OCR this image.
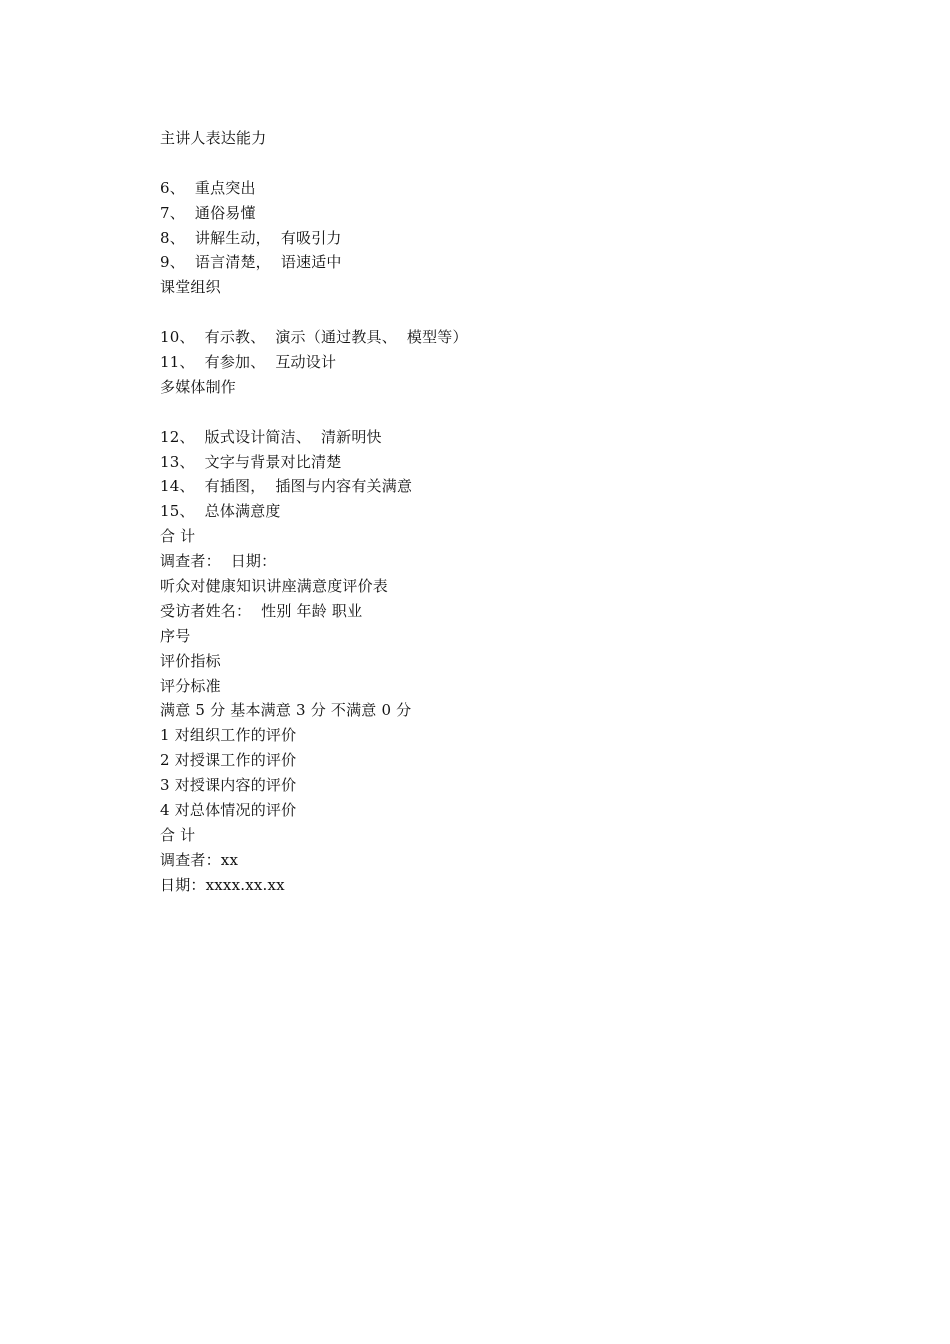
主讲人表达能力
6、  重点突出
7、  通俗易懂
8、  讲解生动，  有吸引力
9、  语言清楚，  语速适中
课堂组织
10、  有示教、  演示（通过教具、  模型等）
11、  有参加、  互动设计
多媒体制作
12、  版式设计简洁、  清新明快
13、  文字与背景对比清楚
14、  有插图，  插图与内容有关满意
15、  总体满意度
合 计
调查者：  日期：
听众对健康知识讲座满意度评价表
受访者姓名：  性别 年龄 职业
序号
评价指标
评分标准
满意 5 分 基本满意 3 分 不满意 0 分
1 对组织工作的评价
2 对授课工作的评价
3 对授课内容的评价
4 对总体情况的评价
合 计
调查者：xx
日期：xxxx.xx.xx
